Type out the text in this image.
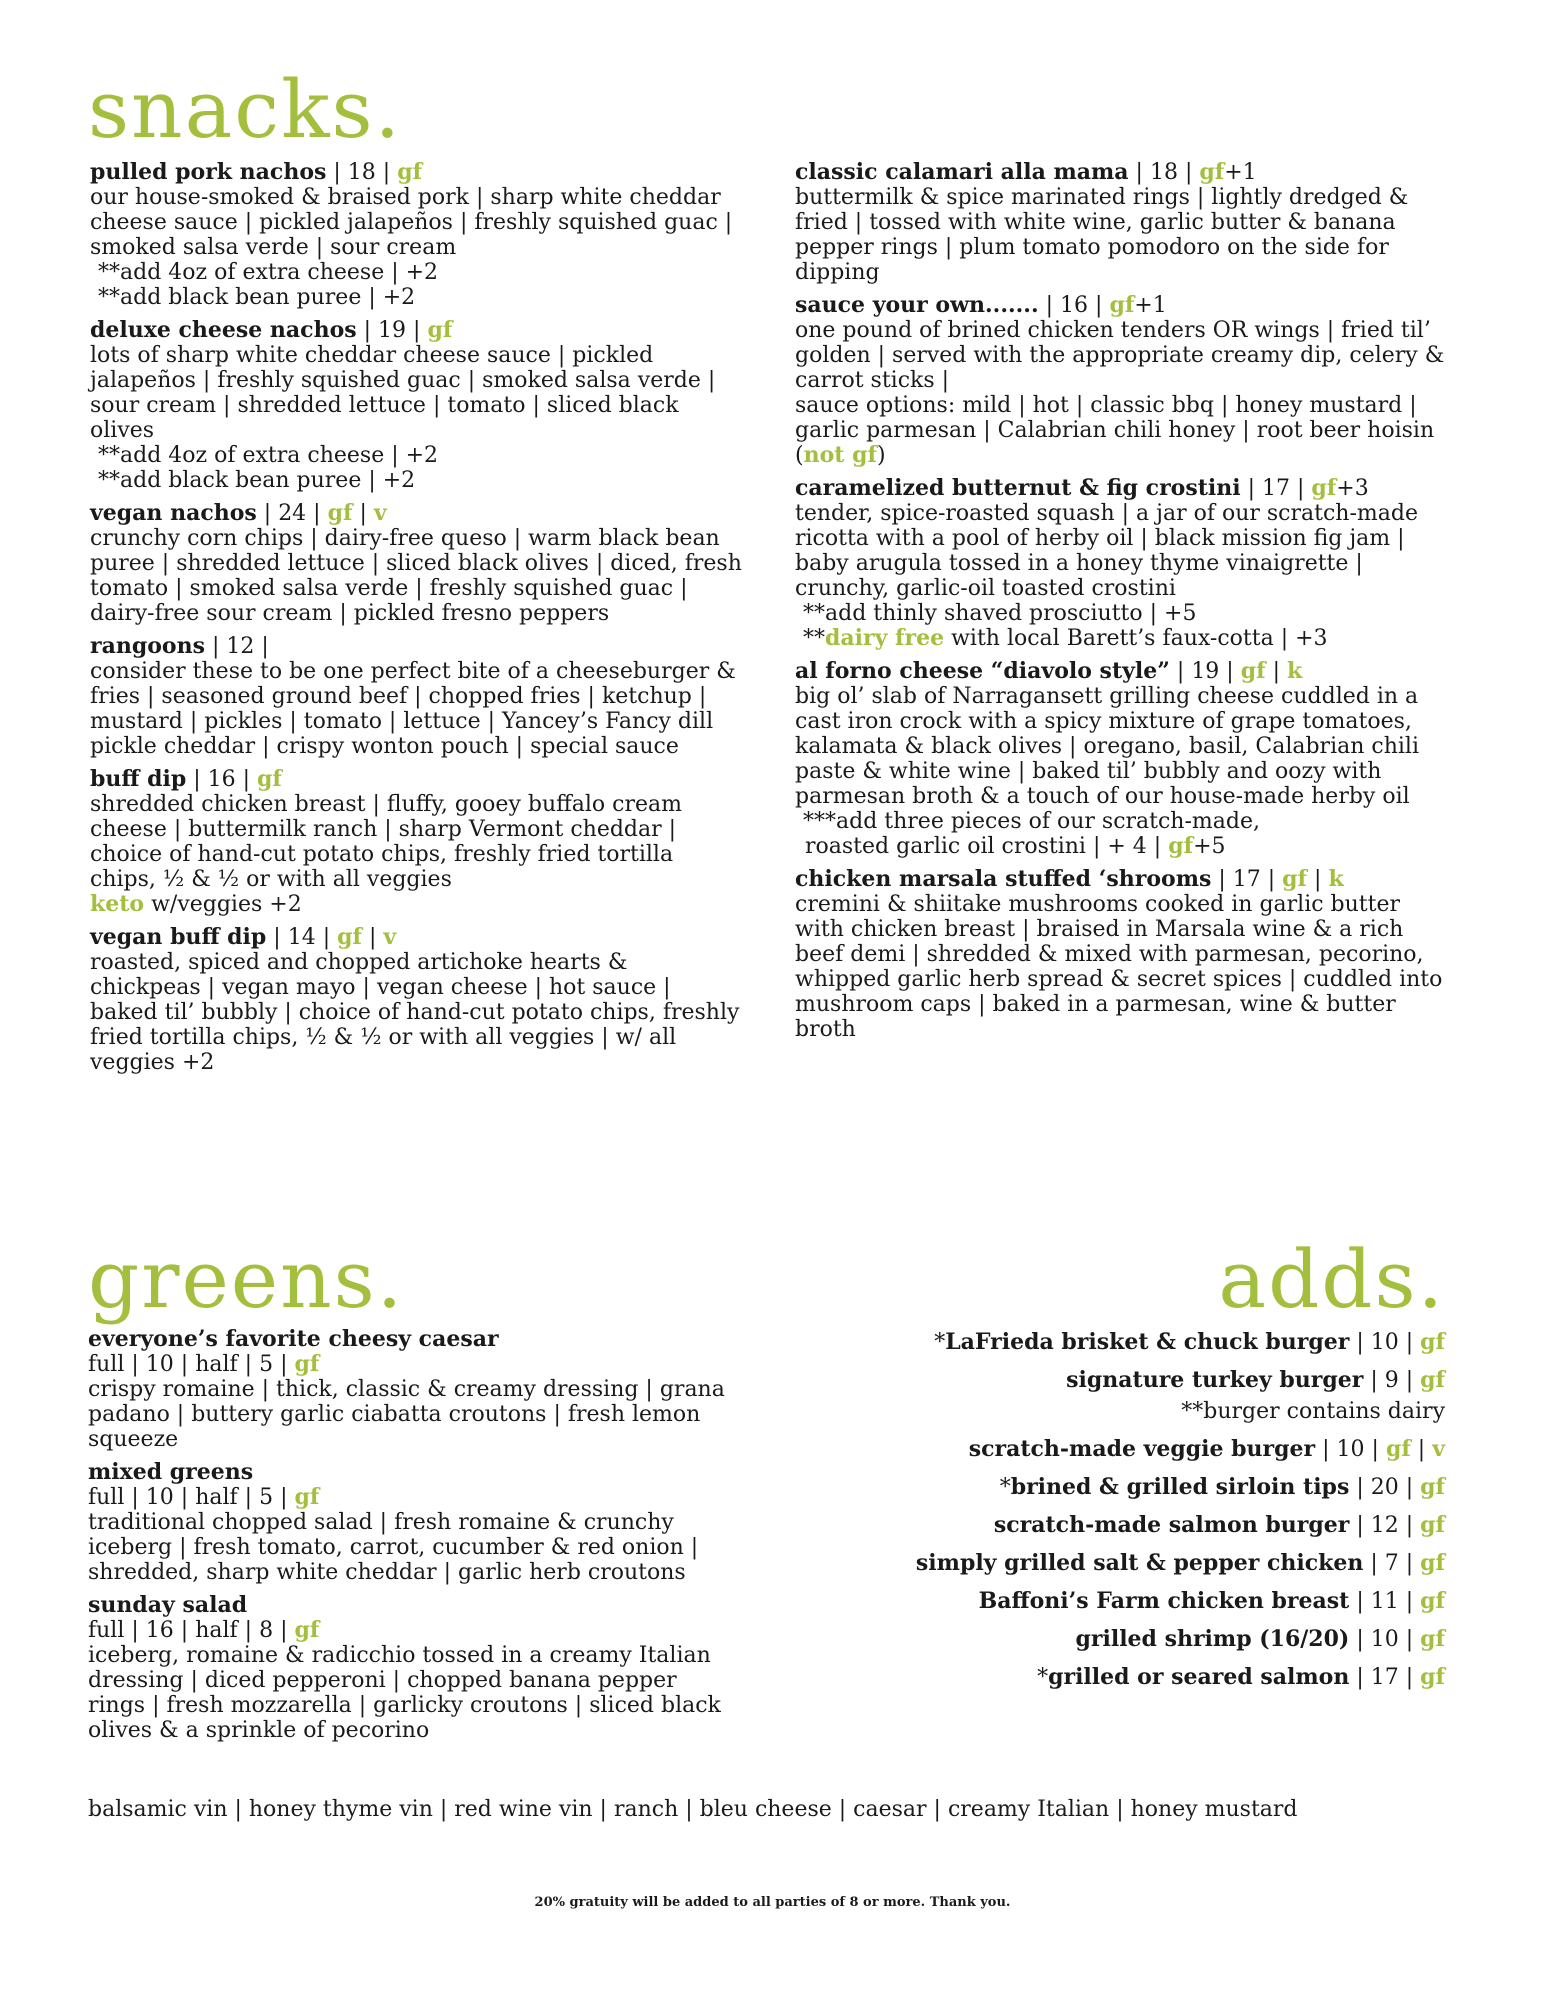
snacks.
pulled pork nachos | 18 | gf
our house-smoked & braised pork | sharp white cheddar cheese sauce | pickled jalapeños | freshly squished guac | smoked salsa verde | sour cream
**add 4oz of extra cheese | +2
**add black bean puree | +2
deluxe cheese nachos | 19 | gf
lots of sharp white cheddar cheese sauce | pickled jalapeños | freshly squished guac | smoked salsa verde | sour cream | shredded lettuce | tomato | sliced black olives
**add 4oz of extra cheese | +2
**add black bean puree | +2
vegan nachos | 24 | gf | v
crunchy corn chips | dairy-free queso | warm black bean puree | shredded lettuce | sliced black olives | diced, fresh tomato | smoked salsa verde | freshly squished guac | dairy-free sour cream | pickled fresno peppers
rangoons | 12 |
consider these to be one perfect bite of a cheeseburger & fries | seasoned ground beef | chopped fries | ketchup | mustard | pickles | tomato | lettuce | Yancey’s Fancy dill pickle cheddar | crispy wonton pouch | special sauce
buff dip | 16 | gf
shredded chicken breast | fluffy, gooey buffalo cream cheese | buttermilk ranch | sharp Vermont cheddar | choice of hand-cut potato chips, freshly fried tortilla chips, ½ & ½ or with all veggies
keto w/veggies +2
vegan buff dip | 14 | gf | v
roasted, spiced and chopped artichoke hearts & chickpeas | vegan mayo | vegan cheese | hot sauce | baked til’ bubbly | choice of hand-cut potato chips, freshly fried tortilla chips, ½ & ½ or with all veggies | w/ all veggies +2
classic calamari alla mama | 18 | gf+1
buttermilk & spice marinated rings | lightly dredged & fried | tossed with white wine, garlic butter & banana pepper rings | plum tomato pomodoro on the side for dipping
sauce your own....... | 16 | gf+1
one pound of brined chicken tenders OR wings | fried til’ golden | served with the appropriate creamy dip, celery & carrot sticks |
sauce options: mild | hot | classic bbq | honey mustard | garlic parmesan | Calabrian chili honey | root beer hoisin (not gf)
caramelized butternut & fig crostini | 17 | gf+3
tender, spice-roasted squash | a jar of our scratch-made ricotta with a pool of herby oil | black mission fig jam | baby arugula tossed in a honey thyme vinaigrette | crunchy, garlic-oil toasted crostini
**add thinly shaved prosciutto | +5
**dairy free with local Barett’s faux-cotta | +3
al forno cheese “diavolo style” | 19 | gf | k
big ol’ slab of Narragansett grilling cheese cuddled in a cast iron crock with a spicy mixture of grape tomatoes, kalamata & black olives | oregano, basil, Calabrian chili paste & white wine | baked til’ bubbly and oozy with parmesan broth & a touch of our house-made herby oil
***add three pieces of our scratch-made,
roasted garlic oil crostini | + 4 | gf+5
chicken marsala stuffed ‘shrooms | 17 | gf | k
cremini & shiitake mushrooms cooked in garlic butter with chicken breast | braised in Marsala wine & a rich beef demi | shredded & mixed with parmesan, pecorino, whipped garlic herb spread & secret spices | cuddled into mushroom caps | baked in a parmesan, wine & butter broth
greens.
everyone’s favorite cheesy caesar
full | 10 | half | 5 | gf
crispy romaine | thick, classic & creamy dressing | grana padano | buttery garlic ciabatta croutons | fresh lemon squeeze
mixed greens
full | 10 | half | 5 | gf
traditional chopped salad | fresh romaine & crunchy iceberg | fresh tomato, carrot, cucumber & red onion | shredded, sharp white cheddar | garlic herb croutons
sunday salad
full | 16 | half | 8 | gf
iceberg, romaine & radicchio tossed in a creamy Italian dressing | diced pepperoni | chopped banana pepper rings | fresh mozzarella | garlicky croutons | sliced black olives & a sprinkle of pecorino
adds.
*LaFrieda brisket & chuck burger | 10 | gf
signature turkey burger | 9 | gf
**burger contains dairy
scratch-made veggie burger | 10 | gf | v
*brined & grilled sirloin tips | 20 | gf
scratch-made salmon burger | 12 | gf
simply grilled salt & pepper chicken | 7 | gf
Baffoni’s Farm chicken breast | 11 | gf
grilled shrimp (16/20) | 10 | gf
*grilled or seared salmon | 17 | gf
balsamic vin | honey thyme vin | red wine vin | ranch | bleu cheese | caesar | creamy Italian | honey mustard
20% gratuity will be added to all parties of 8 or more. Thank you.
